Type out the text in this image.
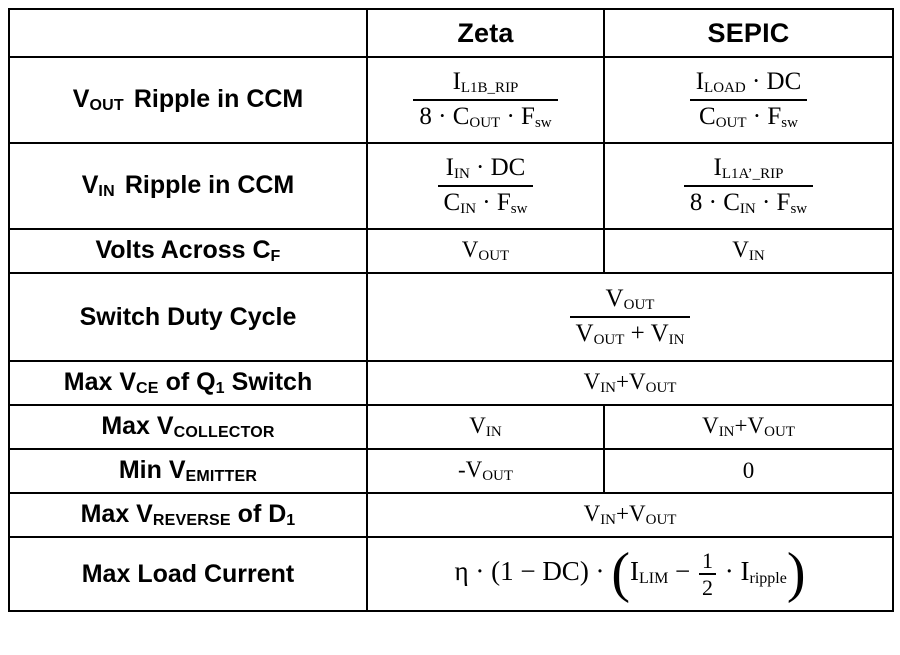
	Zeta	SEPIC
VOUT Ripple in CCM	$\frac{I_{L1B\_RIP}}{8 \cdot C_{OUT} \cdot F_{sw}}$	$\frac{I_{LOAD} \cdot DC}{C_{OUT} \cdot F_{sw}}$

VIN Ripple in CCM	$\frac{I_{IN} \cdot DC}{C_{IN} \cdot F_{sw}}$	$\frac{I_{L1A’\_RIP}}{8 \cdot C_{IN} \cdot F_{sw}}$

Volts Across CF	$V_{OUT}$	$V_{IN}$
Switch Duty Cycle	$\frac{V_{OUT}}{V_{OUT} + V_{IN}}$

Max VCE of Q1 Switch	$V_{IN}+V_{OUT}$
Max VCOLLECTOR	$V_{IN}$	$V_{IN}+V_{OUT}$
Min VEMITTER	$-V_{OUT}$	0
Max VREVERSE of D1	$V_{IN}+V_{OUT}$
Max Load Current	η · (1 − DC) · (ILIM − $\frac{1}{2}$ · Iripple)	
